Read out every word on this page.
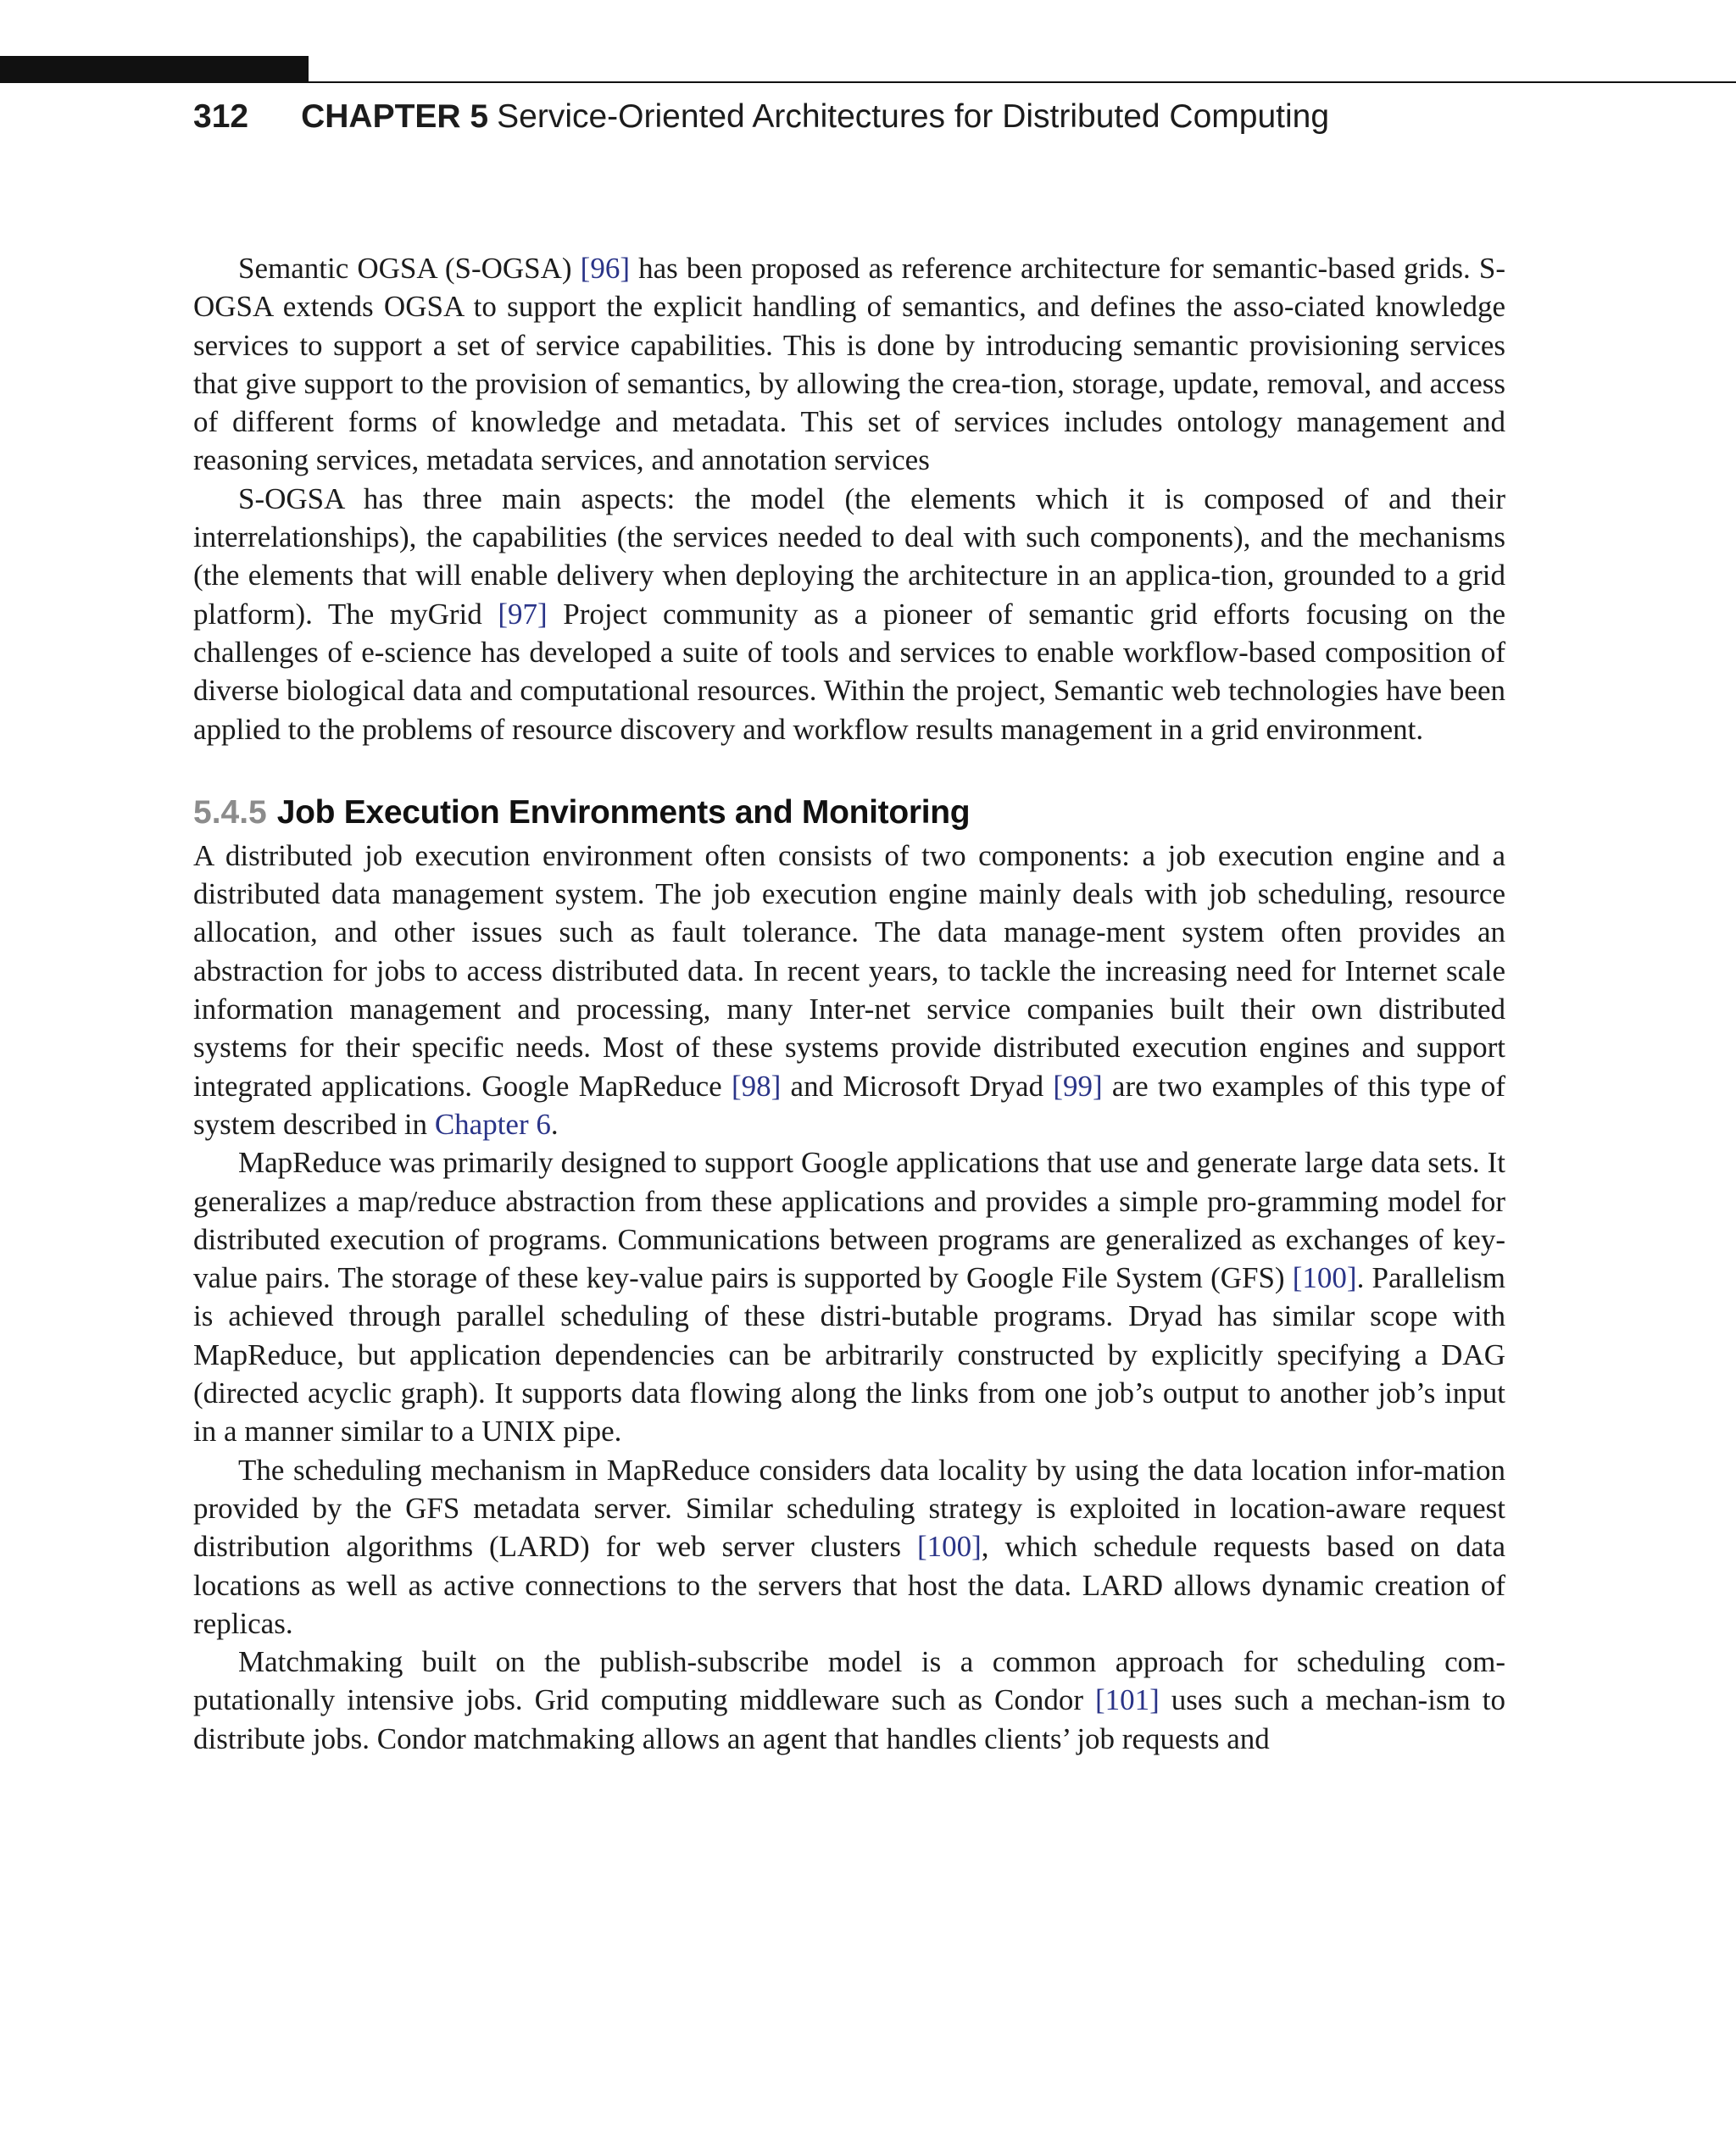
312 CHAPTER 5 Service-Oriented Architectures for Distributed Computing

Semantic OGSA (S-OGSA) [96] has been proposed as reference architecture for semantic-based grids. S-OGSA extends OGSA to support the explicit handling of semantics, and defines the asso-ciated knowledge services to support a set of service capabilities. This is done by introducing semantic provisioning services that give support to the provision of semantics, by allowing the crea-tion, storage, update, removal, and access of different forms of knowledge and metadata. This set of services includes ontology management and reasoning services, metadata services, and annotation services

S-OGSA has three main aspects: the model (the elements which it is composed of and their interrelationships), the capabilities (the services needed to deal with such components), and the mechanisms (the elements that will enable delivery when deploying the architecture in an applica-tion, grounded to a grid platform). The myGrid [97] Project community as a pioneer of semantic grid efforts focusing on the challenges of e-science has developed a suite of tools and services to enable workflow-based composition of diverse biological data and computational resources. Within the project, Semantic web technologies have been applied to the problems of resource discovery and workflow results management in a grid environment.

5.4.5 Job Execution Environments and Monitoring

A distributed job execution environment often consists of two components: a job execution engine and a distributed data management system. The job execution engine mainly deals with job scheduling, resource allocation, and other issues such as fault tolerance. The data manage-ment system often provides an abstraction for jobs to access distributed data. In recent years, to tackle the increasing need for Internet scale information management and processing, many Inter-net service companies built their own distributed systems for their specific needs. Most of these systems provide distributed execution engines and support integrated applications. Google MapReduce [98] and Microsoft Dryad [99] are two examples of this type of system described in Chapter 6.

MapReduce was primarily designed to support Google applications that use and generate large data sets. It generalizes a map/reduce abstraction from these applications and provides a simple pro-gramming model for distributed execution of programs. Communications between programs are generalized as exchanges of key-value pairs. The storage of these key-value pairs is supported by Google File System (GFS) [100]. Parallelism is achieved through parallel scheduling of these distri-butable programs. Dryad has similar scope with MapReduce, but application dependencies can be arbitrarily constructed by explicitly specifying a DAG (directed acyclic graph). It supports data flowing along the links from one job’s output to another job’s input in a manner similar to a UNIX pipe.

The scheduling mechanism in MapReduce considers data locality by using the data location infor-mation provided by the GFS metadata server. Similar scheduling strategy is exploited in location-aware request distribution algorithms (LARD) for web server clusters [100], which schedule requests based on data locations as well as active connections to the servers that host the data. LARD allows dynamic creation of replicas.

Matchmaking built on the publish-subscribe model is a common approach for scheduling com-putationally intensive jobs. Grid computing middleware such as Condor [101] uses such a mechan-ism to distribute jobs. Condor matchmaking allows an agent that handles clients’ job requests and
